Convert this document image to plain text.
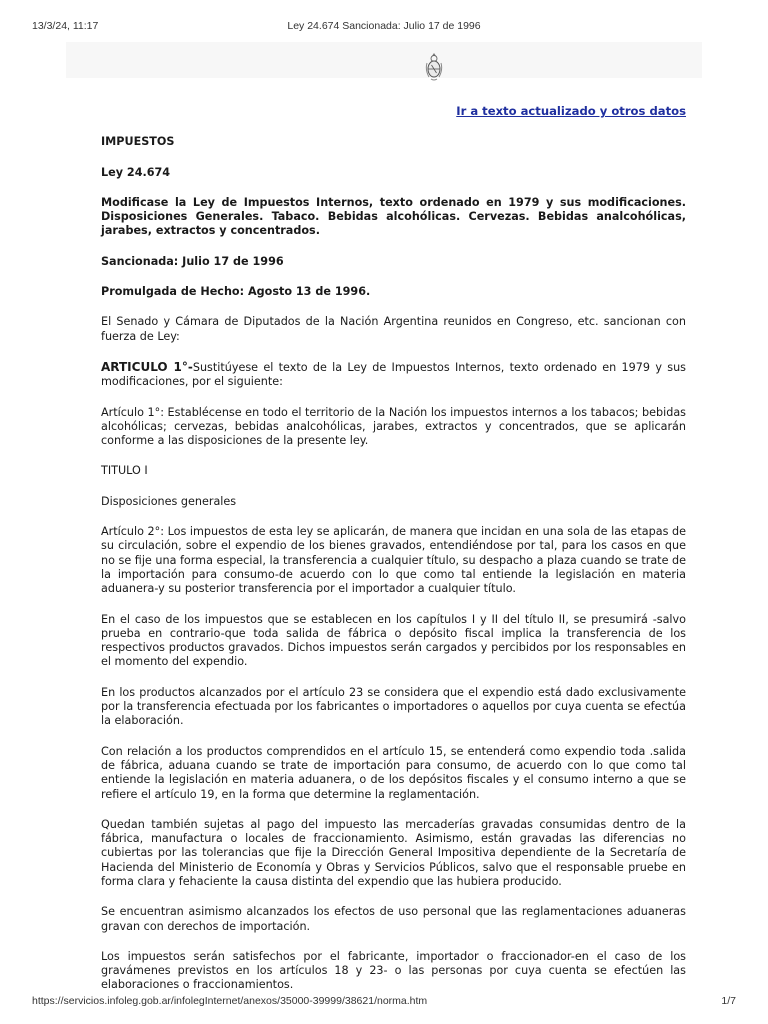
13/3/24, 11:17	Ley 24.674 Sancionada: Julio 17 de 1996
Ir a texto actualizado y otros datos

IMPUESTOS

Ley 24.674

Modificase la Ley de Impuestos Internos, texto ordenado en 1979 y sus modificaciones. Disposiciones Generales. Tabaco. Bebidas alcohólicas. Cervezas. Bebidas analcohólicas, jarabes, extractos y concentrados.

Sancionada: Julio 17 de 1996

Promulgada de Hecho: Agosto 13 de 1996.

El Senado y Cámara de Diputados de la Nación Argentina reunidos en Congreso, etc. sancionan con fuerza de Ley:

ARTICULO 1°-Sustitúyese el texto de la Ley de Impuestos Internos, texto ordenado en 1979 y sus modificaciones, por el siguiente:

Artículo 1°: Establécense en todo el territorio de la Nación los impuestos internos a los tabacos; bebidas alcohólicas; cervezas, bebidas analcohólicas, jarabes, extractos y concentrados, que se aplicarán conforme a las disposiciones de la presente ley.

TITULO I

Disposiciones generales

Artículo 2°: Los impuestos de esta ley se aplicarán, de manera que incidan en una sola de las etapas de su circulación, sobre el expendio de los bienes gravados, entendiéndose por tal, para los casos en que no se fije una forma especial, la transferencia a cualquier título, su despacho a plaza cuando se trate de la importación para consumo-de acuerdo con lo que como tal entiende la legislación en materia aduanera-y su posterior transferencia por el importador a cualquier título.

En el caso de los impuestos que se establecen en los capítulos I y II del título II, se presumirá -salvo prueba en contrario-que toda salida de fábrica o depósito fiscal implica la transferencia de los respectivos productos gravados. Dichos impuestos serán cargados y percibidos por los responsables en el momento del expendio.

En los productos alcanzados por el artículo 23 se considera que el expendio está dado exclusivamente por la transferencia efectuada por los fabricantes o importadores o aquellos por cuya cuenta se efectúa la elaboración.

Con relación a los productos comprendidos en el artículo 15, se entenderá como expendio toda .salida de fábrica, aduana cuando se trate de importación para consumo, de acuerdo con lo que como tal entiende la legislación en materia aduanera, o de los depósitos fiscales y el consumo interno a que se refiere el artículo 19, en la forma que determine la reglamentación.

Quedan también sujetas al pago del impuesto las mercaderías gravadas consumidas dentro de la fábrica, manufactura o locales de fraccionamiento. Asimismo, están gravadas las diferencias no cubiertas por las tolerancias que fije la Dirección General Impositiva dependiente de la Secretaría de Hacienda del Ministerio de Economía y Obras y Servicios Públicos, salvo que el responsable pruebe en forma clara y fehaciente la causa distinta del expendio que las hubiera producido.

Se encuentran asimismo alcanzados los efectos de uso personal que las reglamentaciones aduaneras gravan con derechos de importación.

Los impuestos serán satisfechos por el fabricante, importador o fraccionador-en el caso de los gravámenes previstos en los artículos 18 y 23- o las personas por cuya cuenta se efectúen las elaboraciones o fraccionamientos.

https://servicios.infoleg.gob.ar/infolegInternet/anexos/35000-39999/38621/norma.htm	1/7
